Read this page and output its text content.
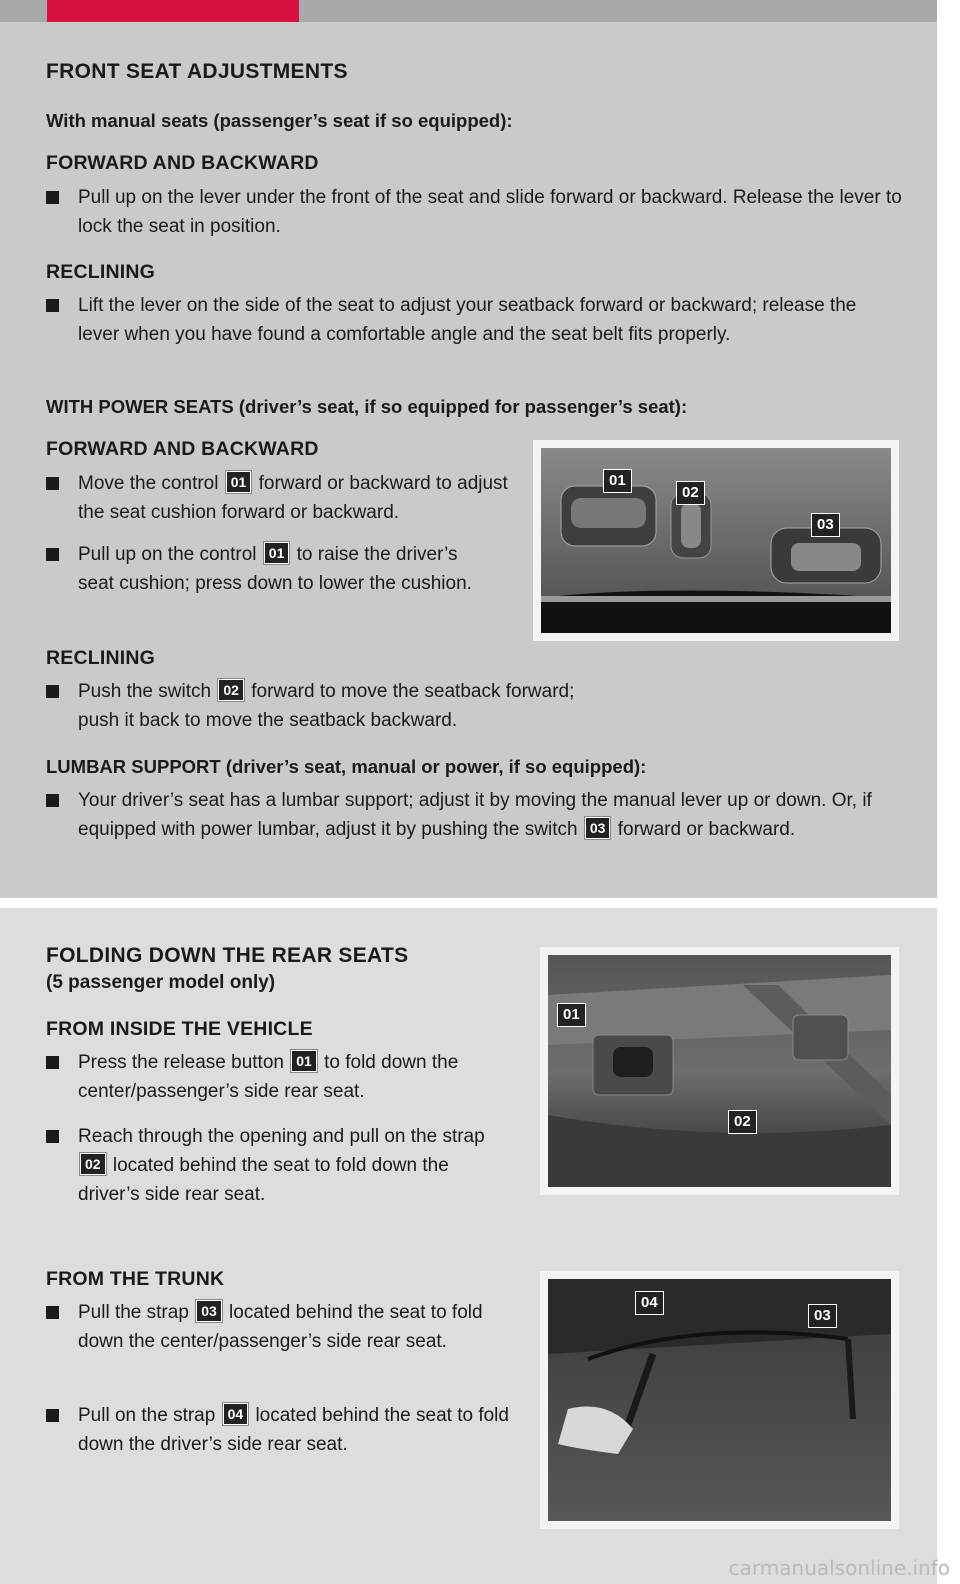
FRONT SEAT ADJUSTMENTS
With manual seats (passenger’s seat if so equipped):
FORWARD AND BACKWARD
Pull up on the lever under the front of the seat and slide forward or backward. Release the lever to lock the seat in position.
RECLINING
Lift the lever on the side of the seat to adjust your seatback forward or backward; release the lever when you have found a comfortable angle and the seat belt fits properly.
WITH POWER SEATS (driver’s seat, if so equipped for passenger’s seat):
FORWARD AND BACKWARD
Move the control 01 forward or backward to adjust the seat cushion forward or backward.
Pull up on the control 01 to raise the driver’s seat cushion; press down to lower the cushion.
RECLINING
Push the switch 02 forward to move the seatback forward; push it back to move the seatback backward.
LUMBAR SUPPORT (driver’s seat, manual or power, if so equipped):
Your driver’s seat has a lumbar support; adjust it by moving the manual lever up or down. Or, if equipped with power lumbar, adjust it by pushing the switch 03 forward or backward.
01
02
03
FOLDING DOWN THE REAR SEATS
(5 passenger model only)
FROM INSIDE THE VEHICLE
Press the release button 01 to fold down the center/passenger’s side rear seat.
Reach through the opening and pull on the strap 02 located behind the seat to fold down the driver’s side rear seat.
FROM THE TRUNK
Pull the strap 03 located behind the seat to fold down the center/passenger’s side rear seat.
Pull on the strap 04 located behind the seat to fold down the driver’s side rear seat.
01
02
04
03
carmanualsonline.info
